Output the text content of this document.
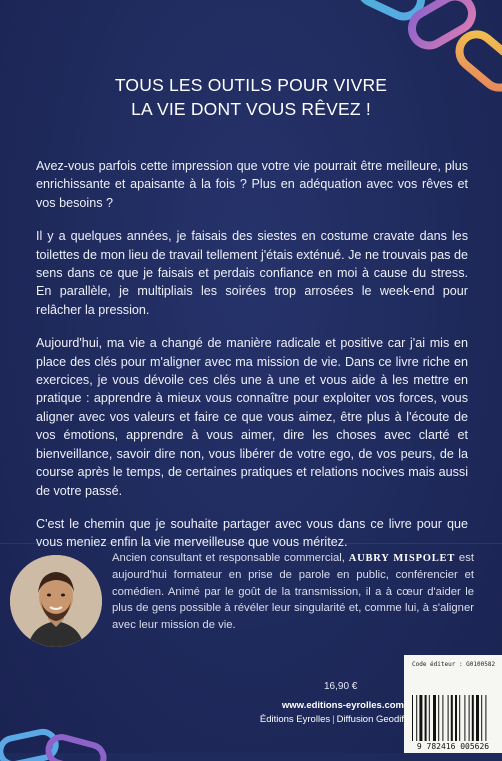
TOUS LES OUTILS POUR VIVRE
LA VIE DONT VOUS RÊVEZ !

Avez-vous parfois cette impression que votre vie pourrait être meilleure, plus enrichissante et apaisante à la fois ? Plus en adéquation avec vos rêves et vos besoins ?

Il y a quelques années, je faisais des siestes en costume cravate dans les toilettes de mon lieu de travail tellement j'étais exténué. Je ne trouvais pas de sens dans ce que je faisais et perdais confiance en moi à cause du stress. En parallèle, je multipliais les soirées trop arrosées le week-end pour relâcher la pression.

Aujourd'hui, ma vie a changé de manière radicale et positive car j'ai mis en place des clés pour m'aligner avec ma mission de vie. Dans ce livre riche en exercices, je vous dévoile ces clés une à une et vous aide à les mettre en pratique : apprendre à mieux vous connaître pour exploiter vos forces, vous aligner avec vos valeurs et faire ce que vous aimez, être plus à l'écoute de vos émotions, apprendre à vous aimer, dire les choses avec clarté et bienveillance, savoir dire non, vous libérer de votre ego, de vos peurs, de la course après le temps, de certaines pratiques et relations nocives mais aussi de votre passé.

C'est le chemin que je souhaite partager avec vous dans ce livre pour que vous meniez enfin la vie merveilleuse que vous méritez.

Ancien consultant et responsable commercial, AUBRY MISPOLET est aujourd'hui formateur en prise de parole en public, conférencier et comédien. Animé par le goût de la transmission, il a à cœur d'aider le plus de gens possible à révéler leur singularité et, comme lui, à s'aligner avec leur mission de vie.
16,90 €
www.editions-eyrolles.com
Éditions Eyrolles | Diffusion Geodif
Code éditeur : G0100582
9 782416 005626
